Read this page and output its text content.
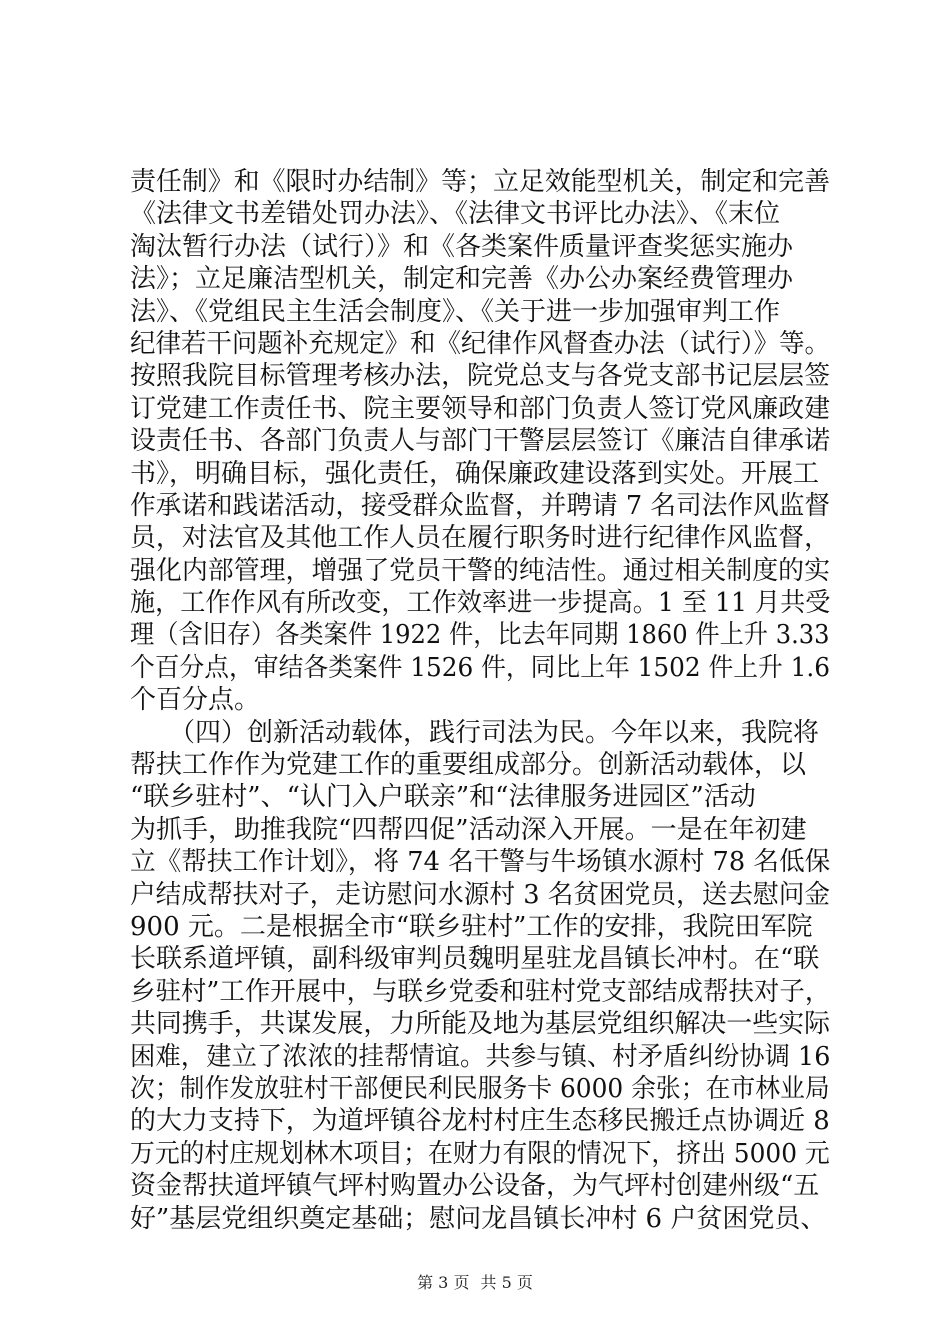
责任制》和《限时办结制》等；立足效能型机关，制定和完善
《法律文书差错处罚办法》、《法律文书评比办法》、《末位
淘汰暂行办法（试行）》和《各类案件质量评查奖惩实施办
法》；立足廉洁型机关，制定和完善《办公办案经费管理办
法》、《党组民主生活会制度》、《关于进一步加强审判工作
纪律若干问题补充规定》和《纪律作风督查办法（试行）》等。
按照我院目标管理考核办法，院党总支与各党支部书记层层签
订党建工作责任书、院主要领导和部门负责人签订党风廉政建
设责任书、各部门负责人与部门干警层层签订《廉洁自律承诺
书》，明确目标，强化责任，确保廉政建设落到实处。开展工
作承诺和践诺活动，接受群众监督，并聘请 7 名司法作风监督
员，对法官及其他工作人员在履行职务时进行纪律作风监督，
强化内部管理，增强了党员干警的纯洁性。通过相关制度的实
施，工作作风有所改变，工作效率进一步提高。1 至 11 月共受
理（含旧存）各类案件 1922 件，比去年同期 1860 件上升 3.33
个百分点，审结各类案件 1526 件，同比上年 1502 件上升 1.6
个百分点。
　　（四）创新活动载体，践行司法为民。今年以来，我院将
帮扶工作作为党建工作的重要组成部分。创新活动载体，以
“联乡驻村”、“认门入户联亲”和“法律服务进园区”活动
为抓手，助推我院“四帮四促”活动深入开展。一是在年初建
立《帮扶工作计划》，将 74 名干警与牛场镇水源村 78 名低保
户结成帮扶对子，走访慰问水源村 3 名贫困党员，送去慰问金
900 元。二是根据全市“联乡驻村”工作的安排，我院田军院
长联系道坪镇，副科级审判员魏明星驻龙昌镇长冲村。在“联
乡驻村”工作开展中，与联乡党委和驻村党支部结成帮扶对子，
共同携手，共谋发展，力所能及地为基层党组织解决一些实际
困难，建立了浓浓的挂帮情谊。共参与镇、村矛盾纠纷协调 16
次；制作发放驻村干部便民利民服务卡 6000 余张；在市林业局
的大力支持下，为道坪镇谷龙村村庄生态移民搬迁点协调近 8
万元的村庄规划林木项目；在财力有限的情况下，挤出 5000 元
资金帮扶道坪镇气坪村购置办公设备，为气坪村创建州级“五
好”基层党组织奠定基础；慰问龙昌镇长冲村 6 户贫困党员、
第 3 页 共 5 页
